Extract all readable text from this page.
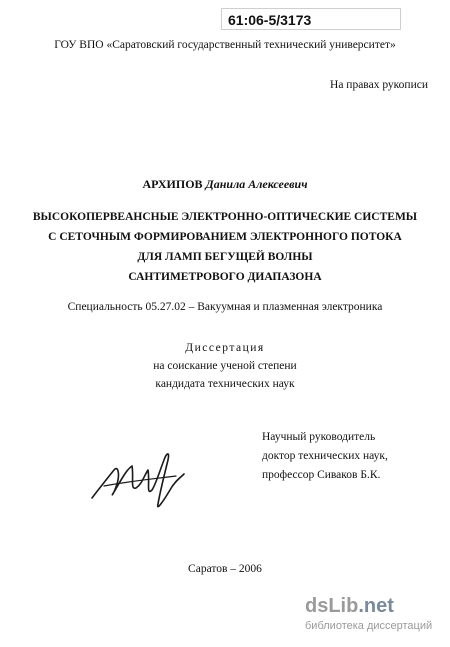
61:06-5/3173
ГОУ ВПО «Саратовский государственный технический университет»
На правах рукописи
АРХИПОВ Данила Алексеевич
ВЫСОКОПЕРВЕАНСНЫЕ ЭЛЕКТРОННО-ОПТИЧЕСКИЕ СИСТЕМЫ
С СЕТОЧНЫМ ФОРМИРОВАНИЕМ ЭЛЕКТРОННОГО ПОТОКА
ДЛЯ ЛАМП БЕГУЩЕЙ ВОЛНЫ
САНТИМЕТРОВОГО ДИАПАЗОНА
Специальность 05.27.02 – Вакуумная и плазменная электроника
Диссертация
на соискание ученой степени
кандидата технических наук
Научный руководитель
доктор технических наук,
профессор Сиваков Б.К.
Саратов – 2006
dsLib.net
библиотека диссертаций
